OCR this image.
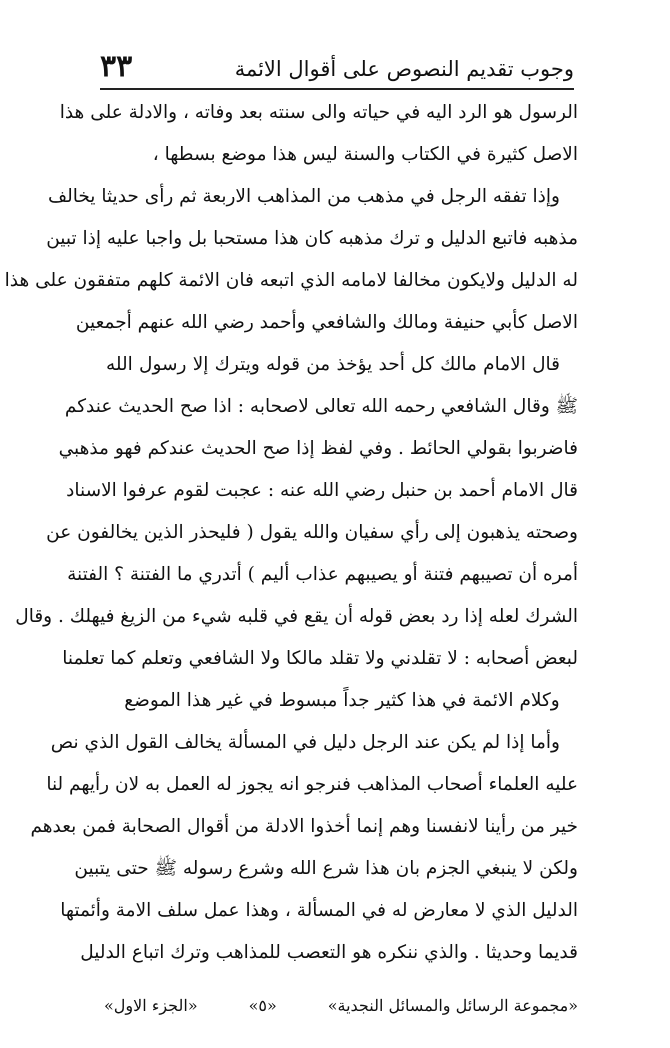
وجوب تقديم النصوص على أقوال الائمة
٣٣
الرسول هو الرد اليه في حياته والى سنته بعد وفاته ، والادلة على هذا
الاصل كثيرة في الكتاب والسنة ليس هذا موضع بسطها ،
وإذا تفقه الرجل في مذهب من المذاهب الاربعة ثم رأى حديثا يخالف
مذهبه فاتبع الدليل و ترك مذهبه كان هذا مستحبا بل واجبا عليه إذا تبين
له الدليل ولايكون مخالفا لامامه الذي اتبعه فان الائمة كلهم متفقون على هذا
الاصل كأبي حنيفة ومالك والشافعي وأحمد رضي الله عنهم أجمعين
قال الامام مالك كل أحد يؤخذ من قوله ويترك إلا رسول الله
ﷺ وقال الشافعي رحمه الله تعالى لاصحابه : اذا صح الحديث عندكم
فاضربوا بقولي الحائط . وفي لفظ إذا صح الحديث عندكم فهو مذهبي
قال الامام أحمد بن حنبل رضي الله عنه : عجبت لقوم عرفوا الاسناد
وصحته يذهبون إلى رأي سفيان والله يقول ( فليحذر الذين يخالفون عن
أمره أن تصيبهم فتنة أو يصيبهم عذاب أليم ) أتدري ما الفتنة ؟ الفتنة
الشرك لعله إذا رد بعض قوله أن يقع في قلبه شيء من الزيغ فيهلك . وقال
لبعض أصحابه : لا تقلدني ولا تقلد مالكا ولا الشافعي وتعلم كما تعلمنا
وكلام الائمة في هذا كثير جداً مبسوط في غير هذا الموضع
وأما إذا لم يكن عند الرجل دليل في المسألة يخالف القول الذي نص
عليه العلماء أصحاب المذاهب فنرجو انه يجوز له العمل به لان رأيهم لنا
خير من رأينا لانفسنا وهم إنما أخذوا الادلة من أقوال الصحابة فمن بعدهم
ولكن لا ينبغي الجزم بان هذا شرع الله وشرع رسوله ﷺ حتى يتبين
الدليل الذي لا معارض له في المسألة ، وهذا عمل سلف الامة وأئمتها
قديما وحديثا . والذي ننكره هو التعصب للمذاهب وترك اتباع الدليل
«مجموعة الرسائل والمسائل النجدية»
«٥»
«الجزء الاول»
